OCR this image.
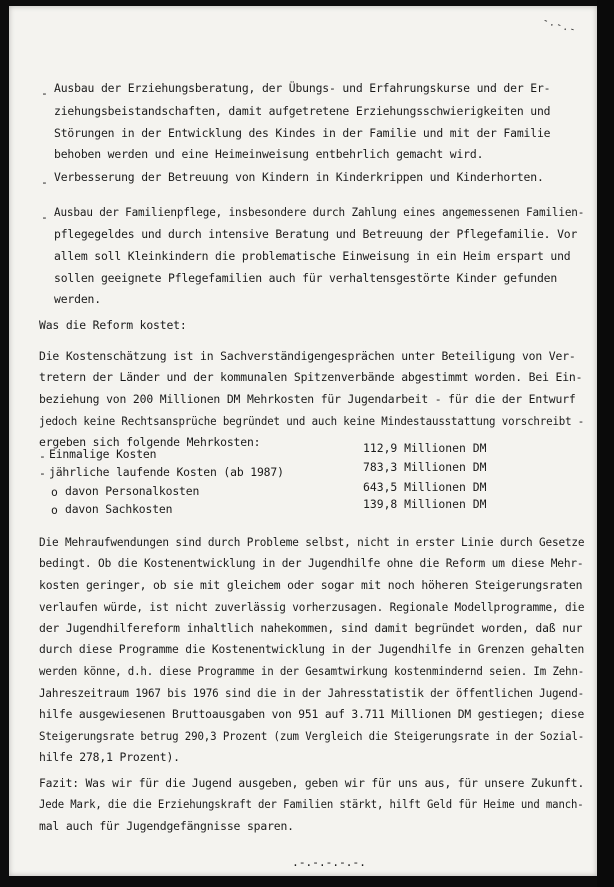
-.-.-
- Ausbau der Erziehungsberatung, der Übungs- und Erfahrungskurse und der Er-
ziehungsbeistandschaften, damit aufgetretene Erziehungsschwierigkeiten und
Störungen in der Entwicklung des Kindes in der Familie und mit der Familie
behoben werden und eine Heimeinweisung entbehrlich gemacht wird.
- Verbesserung der Betreuung von Kindern in Kinderkrippen und Kinderhorten.
- Ausbau der Familienpflege, insbesondere durch Zahlung eines angemessenen Familien-
pflegegeldes und durch intensive Beratung und Betreuung der Pflegefamilie. Vor
allem soll Kleinkindern die problematische Einweisung in ein Heim erspart und
sollen geeignete Pflegefamilien auch für verhaltensgestörte Kinder gefunden
werden.
Was die Reform kostet:
Die Kostenschätzung ist in Sachverständigengesprächen unter Beteiligung von Ver-
tretern der Länder und der kommunalen Spitzenverbände abgestimmt worden. Bei Ein-
beziehung von 200 Millionen DM Mehrkosten für Jugendarbeit - für die der Entwurf
jedoch keine Rechtsansprüche begründet und auch keine Mindestausstattung vorschreibt -
ergeben sich folgende Mehrkosten:
- Einmalige Kosten	112,9 Millionen DM
- jährliche laufende Kosten (ab 1987)	783,3 Millionen DM
o davon Personalkosten	643,5 Millionen DM
o davon Sachkosten	139,8 Millionen DM
Die Mehraufwendungen sind durch Probleme selbst, nicht in erster Linie durch Gesetze
bedingt. Ob die Kostenentwicklung in der Jugendhilfe ohne die Reform um diese Mehr-
kosten geringer, ob sie mit gleichem oder sogar mit noch höheren Steigerungsraten
verlaufen würde, ist nicht zuverlässig vorherzusagen. Regionale Modellprogramme, die
der Jugendhilfereform inhaltlich nahekommen, sind damit begründet worden, daß nur
durch diese Programme die Kostenentwicklung in der Jugendhilfe in Grenzen gehalten
werden könne, d.h. diese Programme in der Gesamtwirkung kostenmindernd seien. Im Zehn-
Jahreszeitraum 1967 bis 1976 sind die in der Jahresstatistik der öffentlichen Jugend-
hilfe ausgewiesenen Bruttoausgaben von 951 auf 3.711 Millionen DM gestiegen; diese
Steigerungsrate betrug 290,3 Prozent (zum Vergleich die Steigerungsrate in der Sozial-
hilfe 278,1 Prozent).
Fazit: Was wir für die Jugend ausgeben, geben wir für uns aus, für unsere Zukunft.
Jede Mark, die die Erziehungskraft der Familien stärkt, hilft Geld für Heime und manch-
mal auch für Jugendgefängnisse sparen.
.-.-.-.-.-.
